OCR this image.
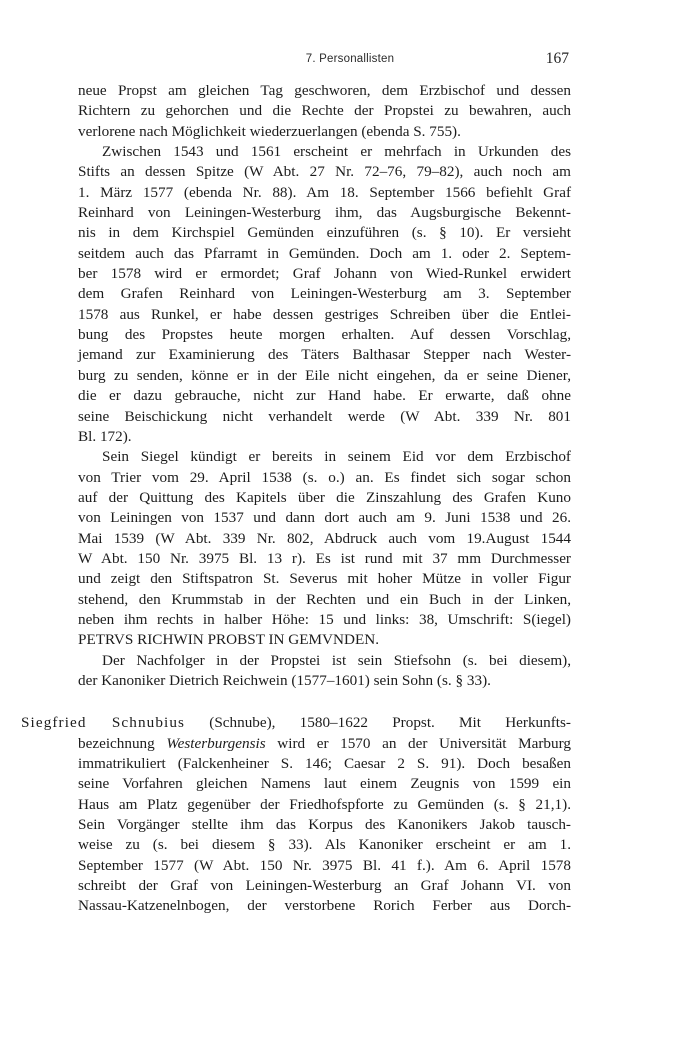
7. Personallisten	167
neue Propst am gleichen Tag geschworen, dem Erzbischof und dessen
Richtern zu gehorchen und die Rechte der Propstei zu bewahren, auch
verlorene nach Möglichkeit wiederzuerlangen (ebenda S. 755).
Zwischen 1543 und 1561 erscheint er mehrfach in Urkunden des
Stifts an dessen Spitze (W Abt. 27 Nr. 72–76, 79–82), auch noch am
1. März 1577 (ebenda Nr. 88). Am 18. September 1566 befiehlt Graf
Reinhard von Leiningen-Westerburg ihm, das Augsburgische Bekennt-
nis in dem Kirchspiel Gemünden einzuführen (s. § 10). Er versieht
seitdem auch das Pfarramt in Gemünden. Doch am 1. oder 2. Septem-
ber 1578 wird er ermordet; Graf Johann von Wied-Runkel erwidert
dem Grafen Reinhard von Leiningen-Westerburg am 3. September
1578 aus Runkel, er habe dessen gestriges Schreiben über die Entlei-
bung des Propstes heute morgen erhalten. Auf dessen Vorschlag,
jemand zur Examinierung des Täters Balthasar Stepper nach Wester-
burg zu senden, könne er in der Eile nicht eingehen, da er seine Diener,
die er dazu gebrauche, nicht zur Hand habe. Er erwarte, daß ohne
seine Beischickung nicht verhandelt werde (W Abt. 339 Nr. 801
Bl. 172).
Sein Siegel kündigt er bereits in seinem Eid vor dem Erzbischof
von Trier vom 29. April 1538 (s. o.) an. Es findet sich sogar schon
auf der Quittung des Kapitels über die Zinszahlung des Grafen Kuno
von Leiningen von 1537 und dann dort auch am 9. Juni 1538 und 26.
Mai 1539 (W Abt. 339 Nr. 802, Abdruck auch vom 19.August 1544
W Abt. 150 Nr. 3975 Bl. 13 r). Es ist rund mit 37 mm Durchmesser
und zeigt den Stiftspatron St. Severus mit hoher Mütze in voller Figur
stehend, den Krummstab in der Rechten und ein Buch in der Linken,
neben ihm rechts in halber Höhe: 15 und links: 38, Umschrift: S(iegel)
PETRVS RICHWIN PROBST IN GEMVNDEN.
Der Nachfolger in der Propstei ist sein Stiefsohn (s. bei diesem),
der Kanoniker Dietrich Reichwein (1577–1601) sein Sohn (s. § 33).
Siegfried Schnubius (Schnube), 1580–1622 Propst. Mit Herkunfts-
bezeichnung Westerburgensis wird er 1570 an der Universität Marburg
immatrikuliert (Falckenheiner S. 146; Caesar 2 S. 91). Doch besaßen
seine Vorfahren gleichen Namens laut einem Zeugnis von 1599 ein
Haus am Platz gegenüber der Friedhofspforte zu Gemünden (s. § 21,1).
Sein Vorgänger stellte ihm das Korpus des Kanonikers Jakob tausch-
weise zu (s. bei diesem § 33). Als Kanoniker erscheint er am 1.
September 1577 (W Abt. 150 Nr. 3975 Bl. 41 f.). Am 6. April 1578
schreibt der Graf von Leiningen-Westerburg an Graf Johann VI. von
Nassau-Katzenelnbogen, der verstorbene Rorich Ferber aus Dorch-
